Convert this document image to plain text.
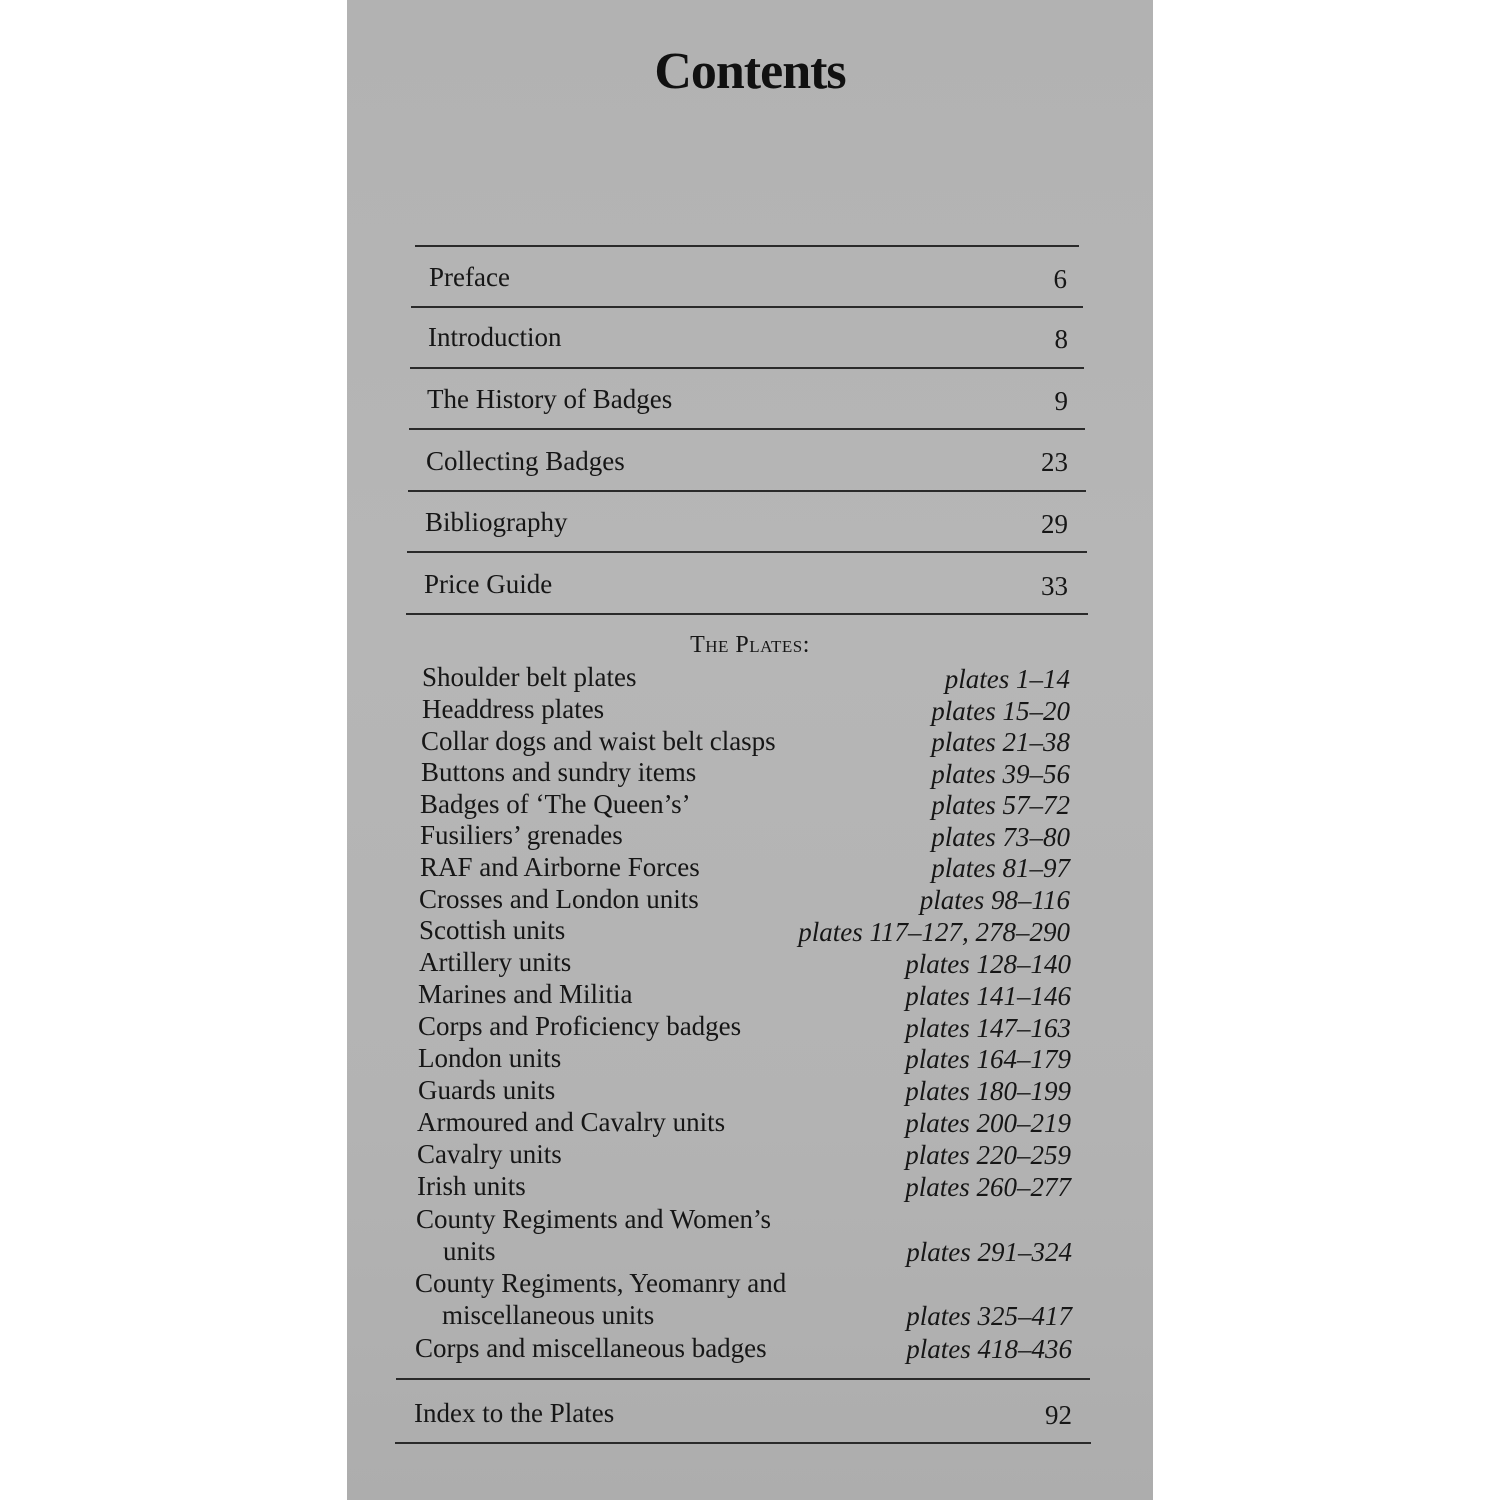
Contents
Preface	6
Introduction	8
The History of Badges	9
Collecting Badges	23
Bibliography	29
Price Guide	33
The Plates:
Shoulder belt plates	plates 1–14
Headdress plates	plates 15–20
Collar dogs and waist belt clasps	plates 21–38
Buttons and sundry items	plates 39–56
Badges of ‘The Queen’s’	plates 57–72
Fusiliers’ grenades	plates 73–80
RAF and Airborne Forces	plates 81–97
Crosses and London units	plates 98–116
Scottish units	plates 117–127, 278–290
Artillery units	plates 128–140
Marines and Militia	plates 141–146
Corps and Proficiency badges	plates 147–163
London units	plates 164–179
Guards units	plates 180–199
Armoured and Cavalry units	plates 200–219
Cavalry units	plates 220–259
Irish units	plates 260–277
County Regiments and Women’s
units	plates 291–324
County Regiments, Yeomanry and
miscellaneous units	plates 325–417
Corps and miscellaneous badges	plates 418–436
Index to the Plates	92
